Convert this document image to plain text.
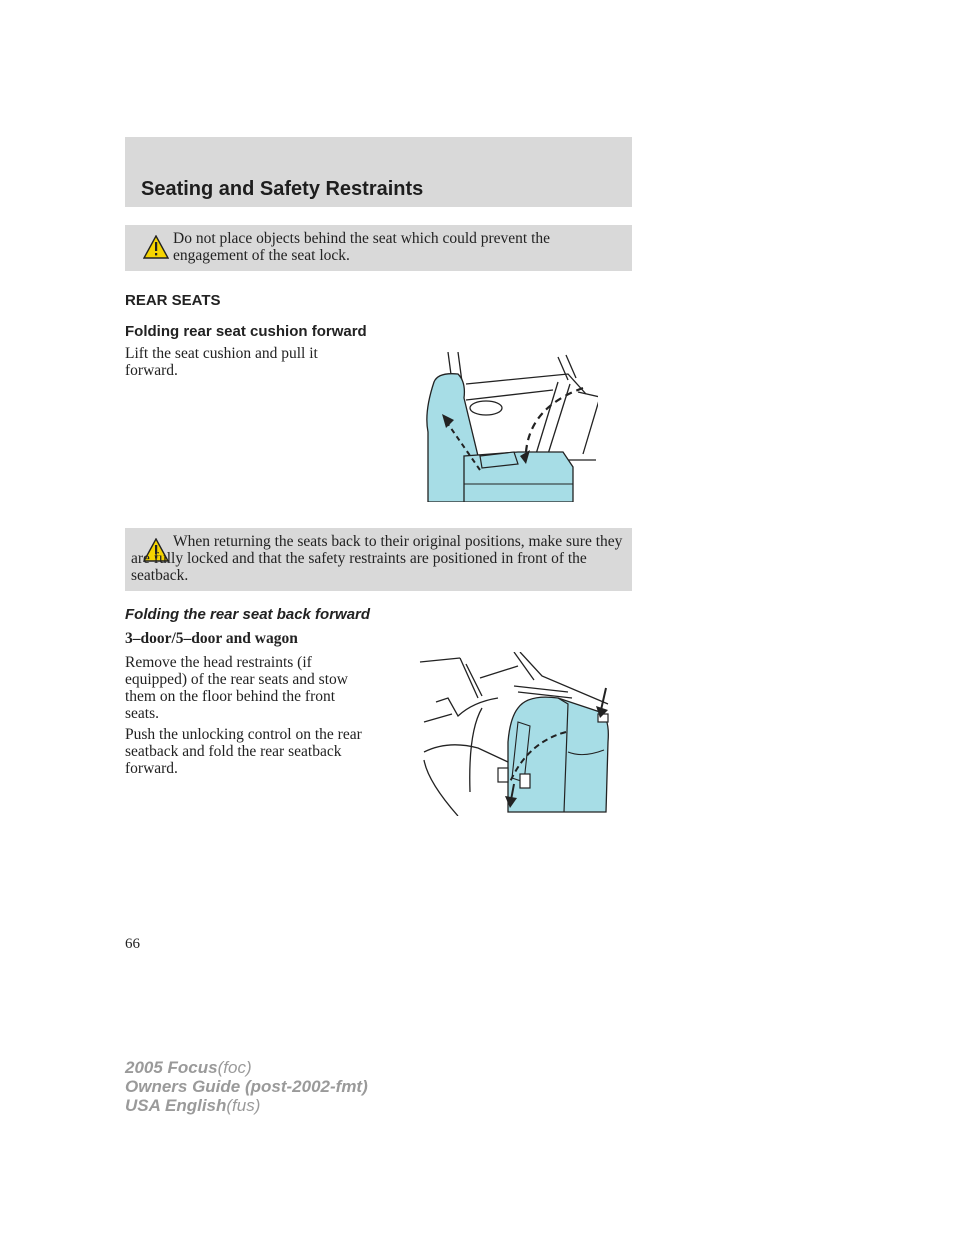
Seating and Safety Restraints

Do not place objects behind the seat which could prevent the engagement of the seat lock.

REAR SEATS
Folding rear seat cushion forward

Lift the seat cushion and pull it forward.

When returning the seats back to their original positions, make sure they are fully locked and that the safety restraints are positioned in front of the seatback.

Folding the rear seat back forward
3–door/5–door and wagon

Remove the head restraints (if equipped) of the rear seats and stow them on the floor behind the front seats.

Push the unlocking control on the rear seatback and fold the rear seatback forward.

66

2005 Focus(foc)
Owners Guide (post-2002-fmt)
USA English(fus)
